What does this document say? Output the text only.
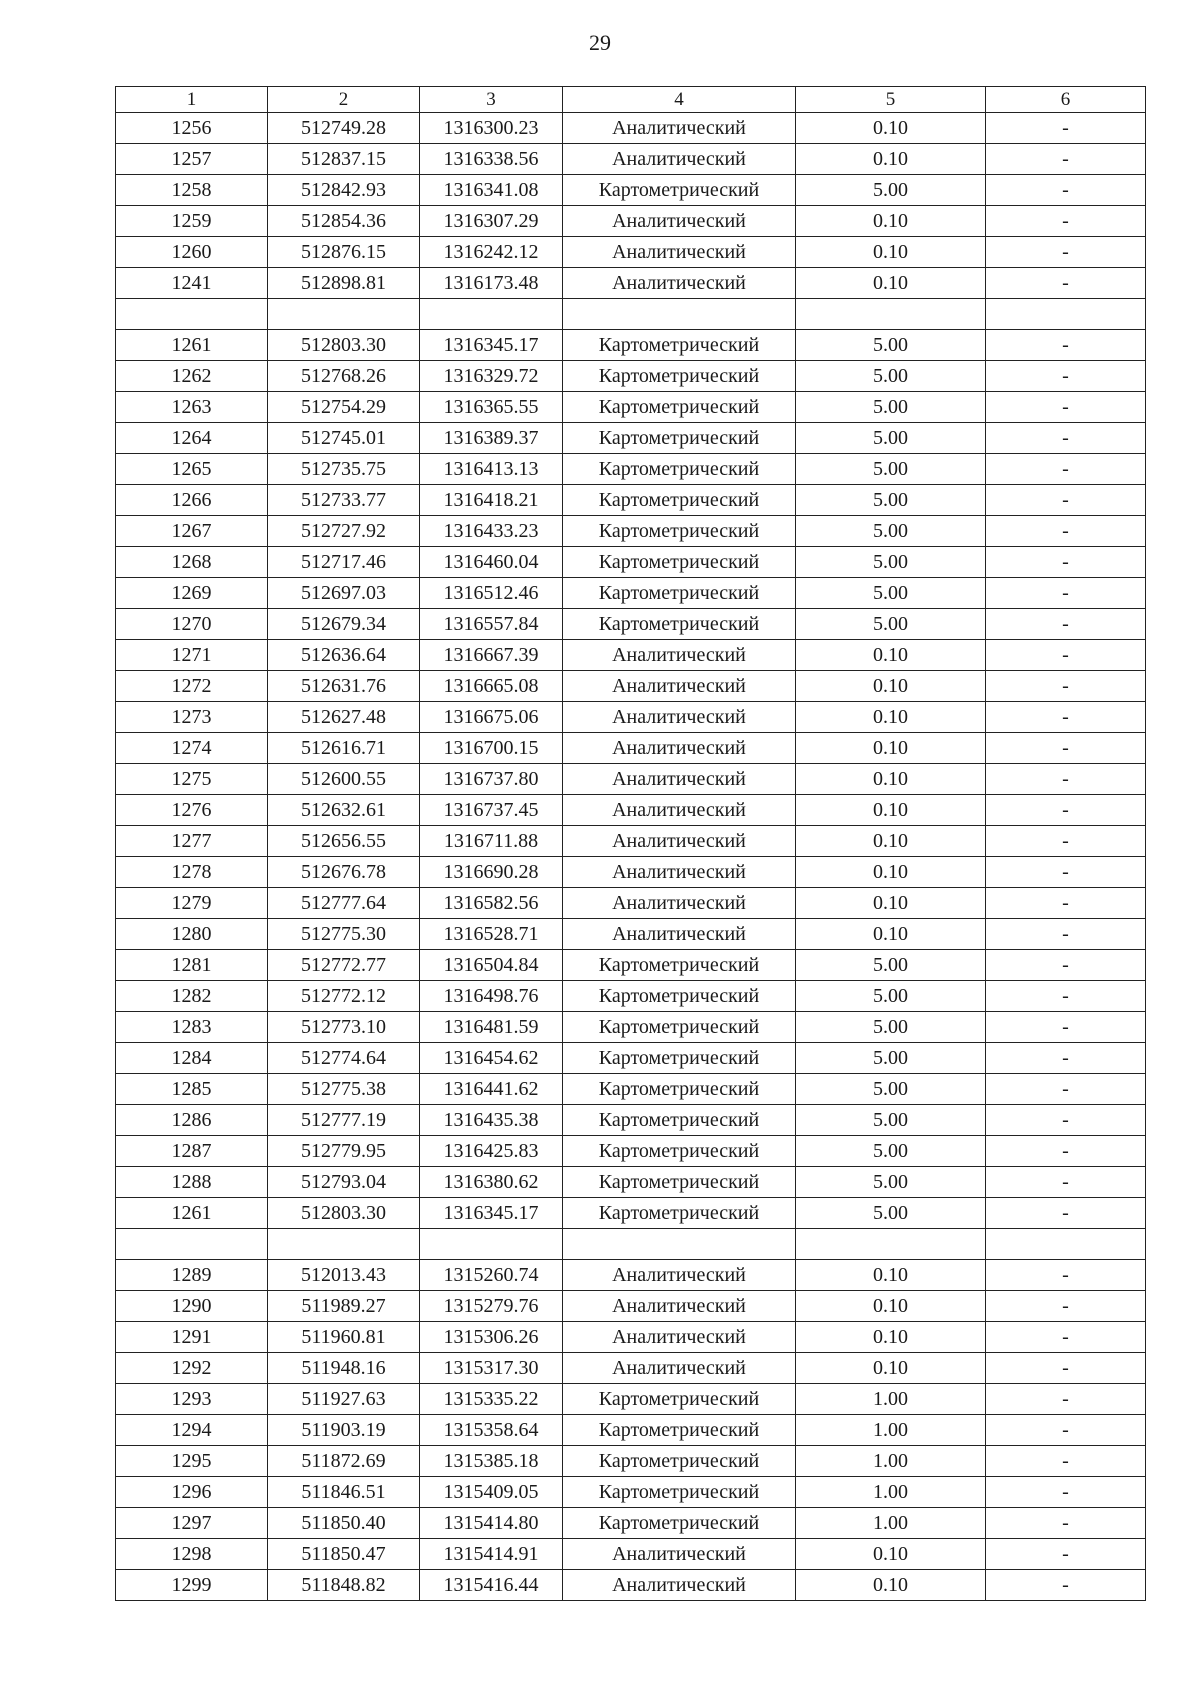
29
1	2	3	4	5	6
1256	512749.28	1316300.23	Аналитический	0.10	-
1257	512837.15	1316338.56	Аналитический	0.10	-
1258	512842.93	1316341.08	Картометрический	5.00	-
1259	512854.36	1316307.29	Аналитический	0.10	-
1260	512876.15	1316242.12	Аналитический	0.10	-
1241	512898.81	1316173.48	Аналитический	0.10	-

1261	512803.30	1316345.17	Картометрический	5.00	-
1262	512768.26	1316329.72	Картометрический	5.00	-
1263	512754.29	1316365.55	Картометрический	5.00	-
1264	512745.01	1316389.37	Картометрический	5.00	-
1265	512735.75	1316413.13	Картометрический	5.00	-
1266	512733.77	1316418.21	Картометрический	5.00	-
1267	512727.92	1316433.23	Картометрический	5.00	-
1268	512717.46	1316460.04	Картометрический	5.00	-
1269	512697.03	1316512.46	Картометрический	5.00	-
1270	512679.34	1316557.84	Картометрический	5.00	-
1271	512636.64	1316667.39	Аналитический	0.10	-
1272	512631.76	1316665.08	Аналитический	0.10	-
1273	512627.48	1316675.06	Аналитический	0.10	-
1274	512616.71	1316700.15	Аналитический	0.10	-
1275	512600.55	1316737.80	Аналитический	0.10	-
1276	512632.61	1316737.45	Аналитический	0.10	-
1277	512656.55	1316711.88	Аналитический	0.10	-
1278	512676.78	1316690.28	Аналитический	0.10	-
1279	512777.64	1316582.56	Аналитический	0.10	-
1280	512775.30	1316528.71	Аналитический	0.10	-
1281	512772.77	1316504.84	Картометрический	5.00	-
1282	512772.12	1316498.76	Картометрический	5.00	-
1283	512773.10	1316481.59	Картометрический	5.00	-
1284	512774.64	1316454.62	Картометрический	5.00	-
1285	512775.38	1316441.62	Картометрический	5.00	-
1286	512777.19	1316435.38	Картометрический	5.00	-
1287	512779.95	1316425.83	Картометрический	5.00	-
1288	512793.04	1316380.62	Картометрический	5.00	-
1261	512803.30	1316345.17	Картометрический	5.00	-

1289	512013.43	1315260.74	Аналитический	0.10	-
1290	511989.27	1315279.76	Аналитический	0.10	-
1291	511960.81	1315306.26	Аналитический	0.10	-
1292	511948.16	1315317.30	Аналитический	0.10	-
1293	511927.63	1315335.22	Картометрический	1.00	-
1294	511903.19	1315358.64	Картометрический	1.00	-
1295	511872.69	1315385.18	Картометрический	1.00	-
1296	511846.51	1315409.05	Картометрический	1.00	-
1297	511850.40	1315414.80	Картометрический	1.00	-
1298	511850.47	1315414.91	Аналитический	0.10	-
1299	511848.82	1315416.44	Аналитический	0.10	-
